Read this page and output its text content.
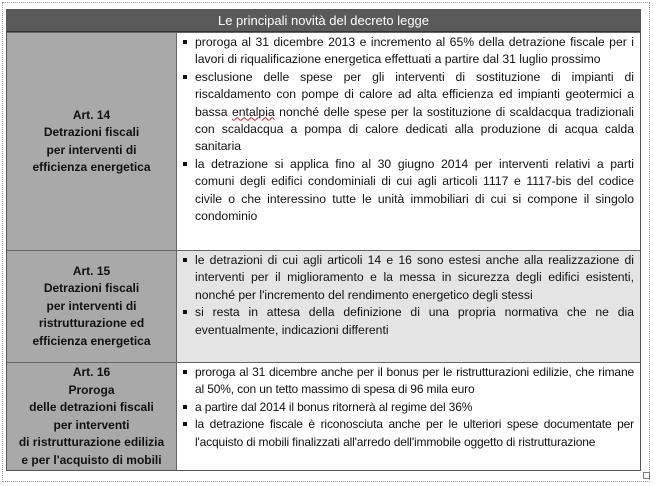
Le principali novità del decreto legge
Art. 14
Detrazioni fiscali
per interventi di
efficienza energetica
proroga al 31 dicembre 2013 e incremento al 65% della detrazione fiscale per i lavori di riqualificazione energetica effettuati a partire dal 31 luglio prossimo
esclusione delle spese per gli interventi di sostituzione di impianti di riscaldamento con pompe di calore ad alta efficienza ed impianti geotermici a bassa entalpia nonché delle spese per la sostituzione di scaldacqua tradizionali con scaldacqua a pompa di calore dedicati alla produzione di acqua calda sanitaria
la detrazione si applica fino al 30 giugno 2014 per interventi relativi a parti comuni degli edifici condominiali di cui agli articoli 1117 e 1117-bis del codice civile o che interessino tutte le unità immobiliari di cui si compone il singolo condominio
Art. 15
Detrazioni fiscali
per interventi di
ristrutturazione ed
efficienza energetica
le detrazioni di cui agli articoli 14 e 16 sono estesi anche alla realizzazione di interventi per il miglioramento e la messa in sicurezza degli edifici esistenti, nonché per l'incremento del rendimento energetico degli stessi
si resta in attesa della definizione di una propria normativa che ne dia eventualmente, indicazioni differenti
Art. 16
Proroga
delle detrazioni fiscali
per interventi
di ristrutturazione edilizia
e per l'acquisto di mobili
proroga al 31 dicembre anche per il bonus per le ristrutturazioni edilizie, che rimane al 50%, con un tetto massimo di spesa di 96 mila euro
a partire dal 2014 il bonus ritornerà al regime del 36%
la detrazione fiscale è riconosciuta anche per le ulteriori spese documentate per l'acquisto di mobili finalizzati all'arredo dell'immobile oggetto di ristrutturazione
